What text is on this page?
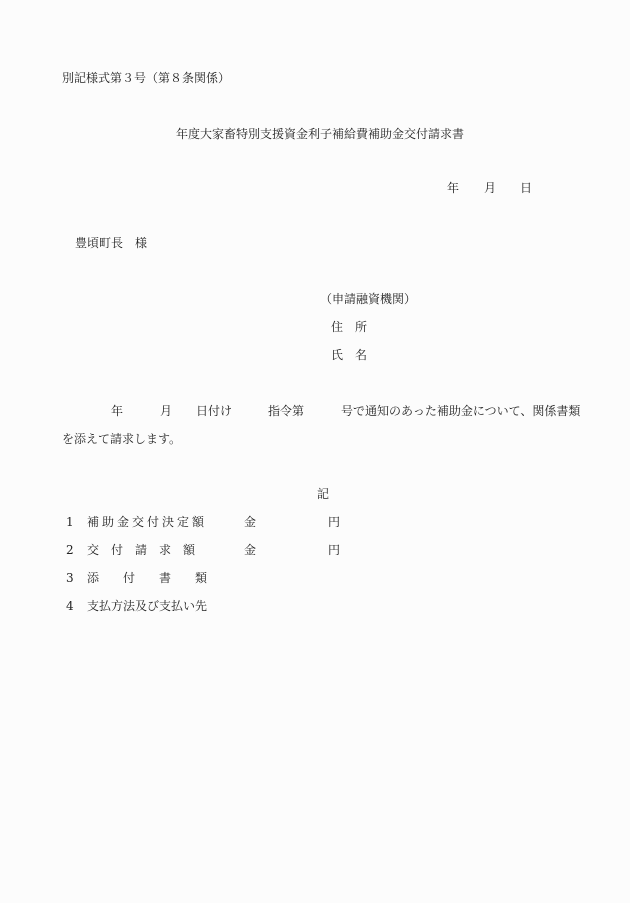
別記様式第３号（第８条関係）
年度大家畜特別支援資金利子補給費補助金交付請求書
年 月 日
豊頃町長 様
（申請融資機関）
住　所
氏　名
年	月 日付け	指令第	号で通知のあった補助金について、関係書類
を添えて請求します。
記
1 補助金交付決定額	金	円
2 交　付　請　求　額	金	円
3 添　　付　　書　　類
4 支払方法及び支払い先
